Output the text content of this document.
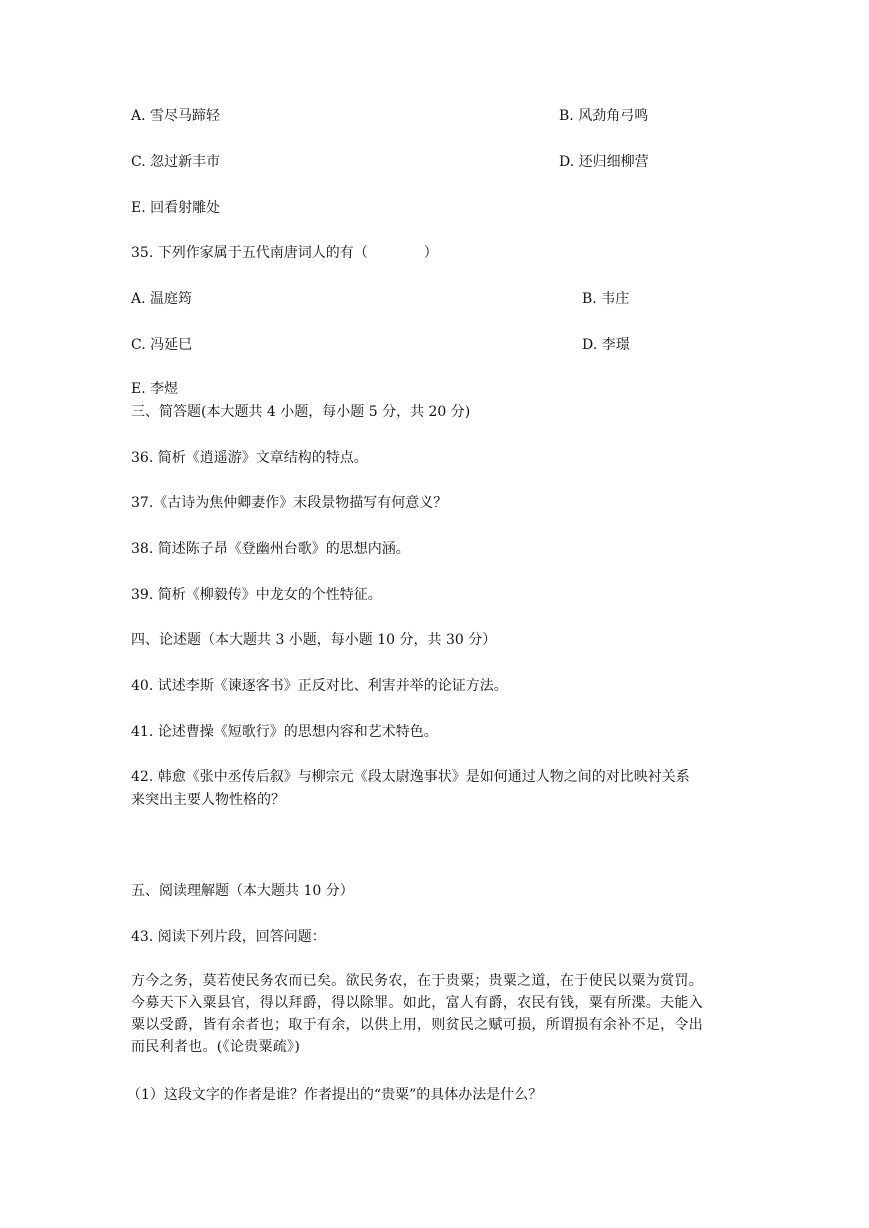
A. 雪尽马蹄轻	B. 风劲角弓鸣
C. 忽过新丰市	D. 还归细柳营
E. 回看射雕处
35. 下列作家属于五代南唐词人的有（　　　　）
A. 温庭筠	B. 韦庄
C. 冯延巳	D. 李璟
E. 李煜
三、简答题(本大题共 4 小题，每小题 5 分，共 20 分)
36. 简析《逍遥游》文章结构的特点。
37.《古诗为焦仲卿妻作》末段景物描写有何意义？
38. 简述陈子昂《登幽州台歌》的思想内涵。
39. 简析《柳毅传》中龙女的个性特征。
四、论述题（本大题共 3 小题，每小题 10 分，共 30 分）
40. 试述李斯《谏逐客书》正反对比、利害并举的论证方法。
41. 论述曹操《短歌行》的思想内容和艺术特色。
42. 韩愈《张中丞传后叙》与柳宗元《段太尉逸事状》是如何通过人物之间的对比映衬关系
来突出主要人物性格的？
五、阅读理解题（本大题共 10 分）
43. 阅读下列片段，回答问题：
方今之务，莫若使民务农而已矣。欲民务农，在于贵粟；贵粟之道，在于使民以粟为赏罚。
今募天下入粟县官，得以拜爵，得以除罪。如此，富人有爵，农民有钱，粟有所渫。夫能入
粟以受爵，皆有余者也；取于有余，以供上用，则贫民之赋可损，所谓损有余补不足，令出
而民利者也。(《论贵粟疏》)
（1）这段文字的作者是谁？作者提出的“贵粟”的具体办法是什么？
